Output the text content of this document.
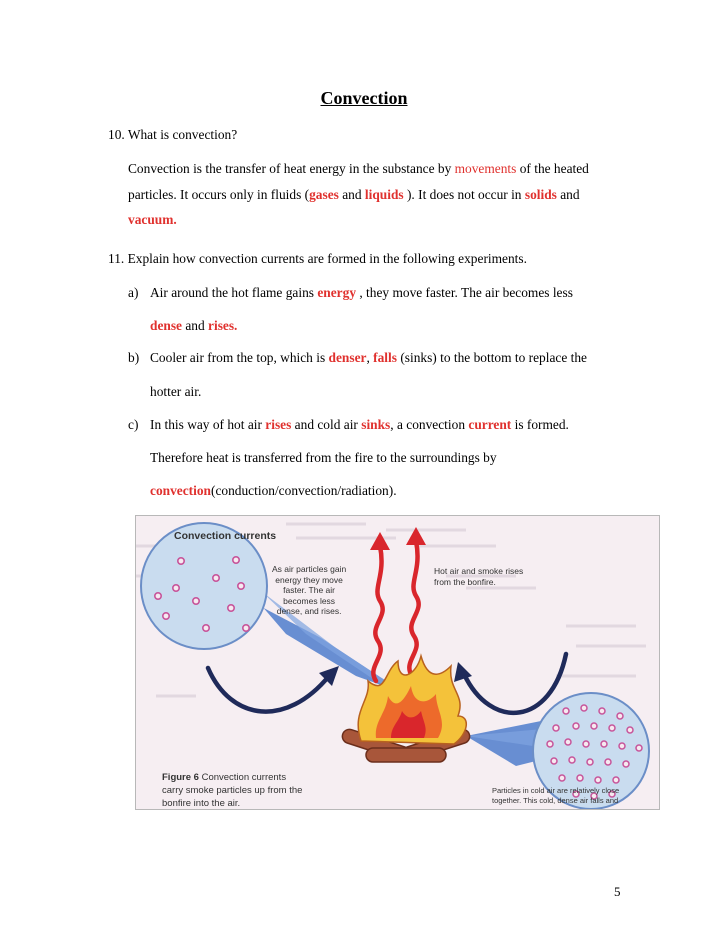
Convection
10. What is convection?
Convection is the transfer of heat energy in the substance by movements of the heated
particles. It occurs only in fluids (gases and liquids ). It does not occur in solids and
vacuum.
11. Explain how convection currents are formed in the following experiments.
a) Air around the hot flame gains energy , they move faster. The air becomes less
dense and rises.
b) Cooler air from the top, which is denser, falls (sinks) to the bottom to replace the
hotter air.
c) In this way of hot air rises and cold air sinks, a convection current is formed.
Therefore heat is transferred from the fire to the surroundings by
convection(conduction/convection/radiation).
Convection currents
As air particles gain
energy they move
faster. The air
becomes less
dense, and rises.
Hot air and smoke rises
from the bonfire.
Figure 6 Convection currents
carry smoke particles up from the
bonfire into the air.
Particles in cold air are relatively close
together. This cold, dense air falls and
5
